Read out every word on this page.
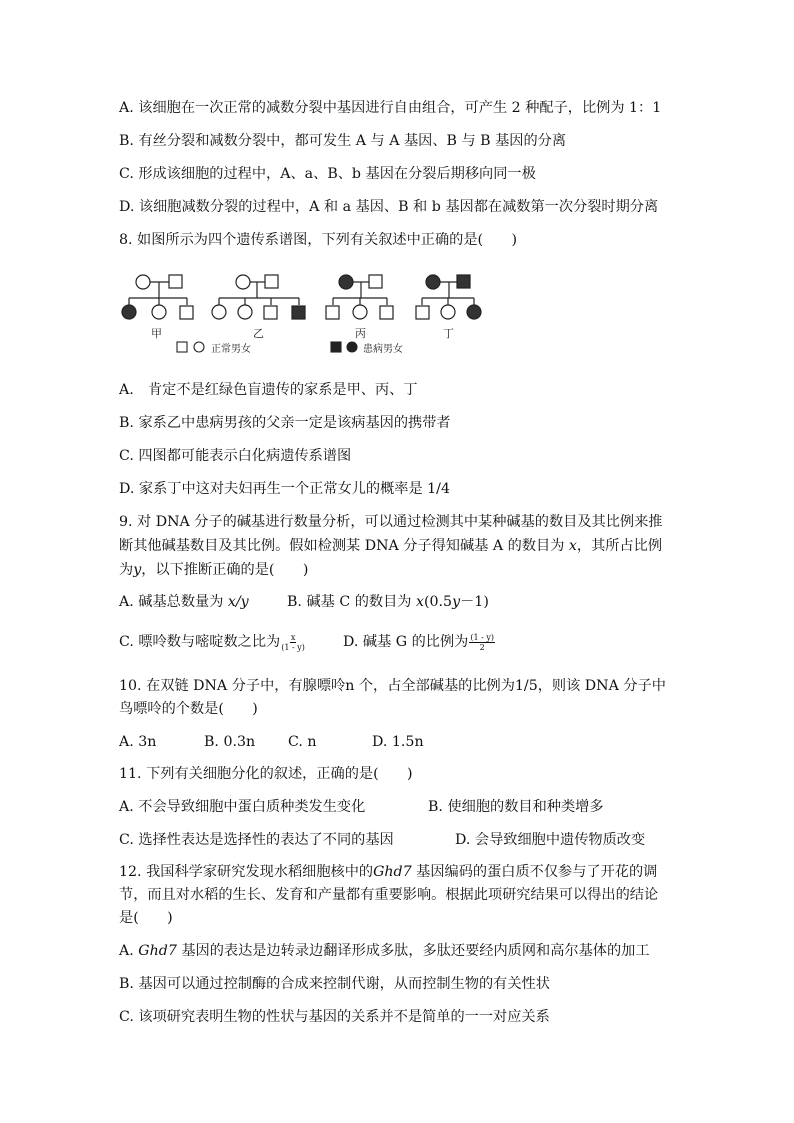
A. 该细胞在一次正常的减数分裂中基因进行自由组合，可产生 2 种配子，比例为 1：1
B. 有丝分裂和减数分裂中，都可发生 A 与 A 基因、B 与 B 基因的分离
C. 形成该细胞的过程中，A、a、B、b 基因在分裂后期移向同一极
D. 该细胞减数分裂的过程中，A 和 a 基因、B 和 b 基因都在减数第一次分裂时期分离
8. 如图所示为四个遗传系谱图，下列有关叙述中正确的是(　　)
甲	乙	丙
正常男女	患病男女
丁
A.　肯定不是红绿色盲遗传的家系是甲、丙、丁
B. 家系乙中患病男孩的父亲一定是该病基因的携带者
C. 四图都可能表示白化病遗传系谱图
D. 家系丁中这对夫妇再生一个正常女儿的概率是 1/4
9. 对 DNA 分子的碱基进行数量分析，可以通过检测其中某种碱基的数目及其比例来推
断其他碱基数目及其比例。假如检测某 DNA 分子得知碱基 A 的数目为 x，其所占比例
为y，以下推断正确的是(　　)
A. 碱基总数量为 x/y	B. 碱基 C 的数目为 x(0.5y－1)
C. 嘌呤数与嘧啶数之比为 $\frac{x}{(1 - y)}$	D. 碱基 G 的比例为 $\frac{(1 - y)}{2}$
10. 在双链 DNA 分子中，有腺嘌呤n 个，占全部碱基的比例为1/5，则该 DNA 分子中
鸟嘌呤的个数是(　　)
A. 3n	B. 0.3n C. n	D. 1.5n
11. 下列有关细胞分化的叙述，正确的是(　　)
A. 不会导致细胞中蛋白质种类发生变化	B. 使细胞的数目和种类增多
C. 选择性表达是选择性的表达了不同的基因	D. 会导致细胞中遗传物质改变
12. 我国科学家研究发现水稻细胞核中的Ghd7 基因编码的蛋白质不仅参与了开花的调
节，而且对水稻的生长、发育和产量都有重要影响。根据此项研究结果可以得出的结论
是(　　)
A. Ghd7 基因的表达是边转录边翻译形成多肽，多肽还要经内质网和高尔基体的加工
B. 基因可以通过控制酶的合成来控制代谢，从而控制生物的有关性状
C. 该项研究表明生物的性状与基因的关系并不是简单的一一对应关系
